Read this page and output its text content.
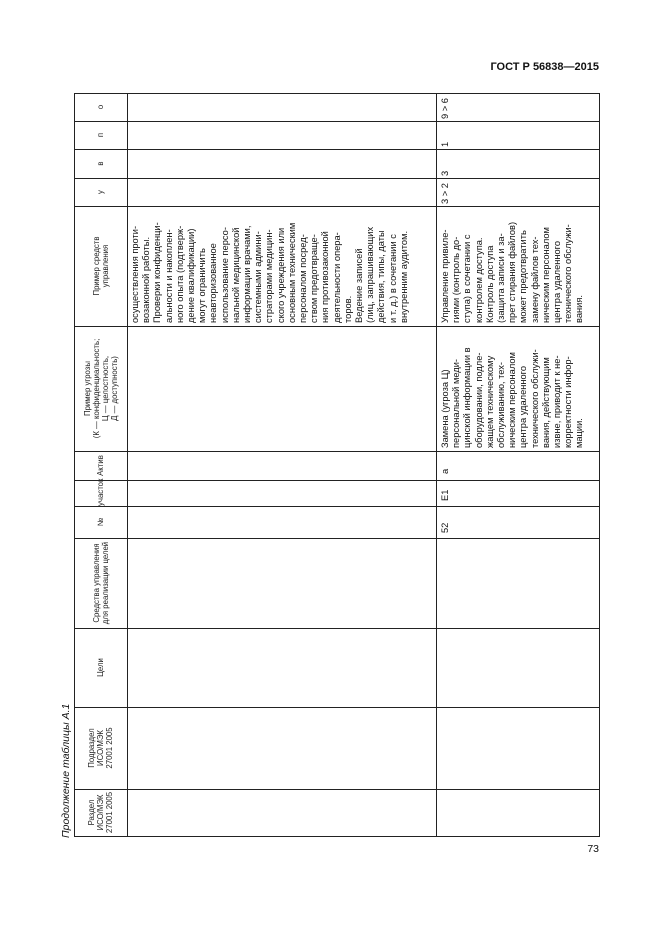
ГОСТ Р 56838—2015
Продолжение таблицы А.1
73
о
п
в
у
Пример средств управления
Пример угрозы (К — конфиденциальность; Ц — целостность, Д — доступность)
Актив
участок
№
Средства управления для реализации целей
Цели
Подраздел ИСО/МЭК 27001 2005
Раздел ИСО/МЭК 27001 2005
осуществления проти- возаконной работы. Проверки конфиденци- альности и накоплен- ного опыта (подтверж- дение квалификации) могут ограничить неавторизованное использование персо- нальной медицинской информации врачами, системными админи- страторами медицин- ского учреждения или основным техническим персоналом посред- ством предотвраще- ния противозаконной деятельности опера- торов. Ведение записей (лиц, запрашивающих действия, типы, даты и т. д.) в сочетании с внутренним аудитом.
9 > 6
1
3
3 > 2
Управление привиле- гиями (контроль до- ступа) в сочетании с контролем доступа. Контроль доступа (защита записи и за- прет стирания файлов) может предотвратить замену файлов тех- ническим персоналом центра удаленного технического обслужи- вания.
Замена (угроза Ц) персональной меди- цинской информации в оборудовании, подле- жащем техническому обслуживанию, тех- ническим персоналом центра удаленного технического обслужи- вания, действующим извне, приводит к не- корректности инфор- мации.
а
E1
52
